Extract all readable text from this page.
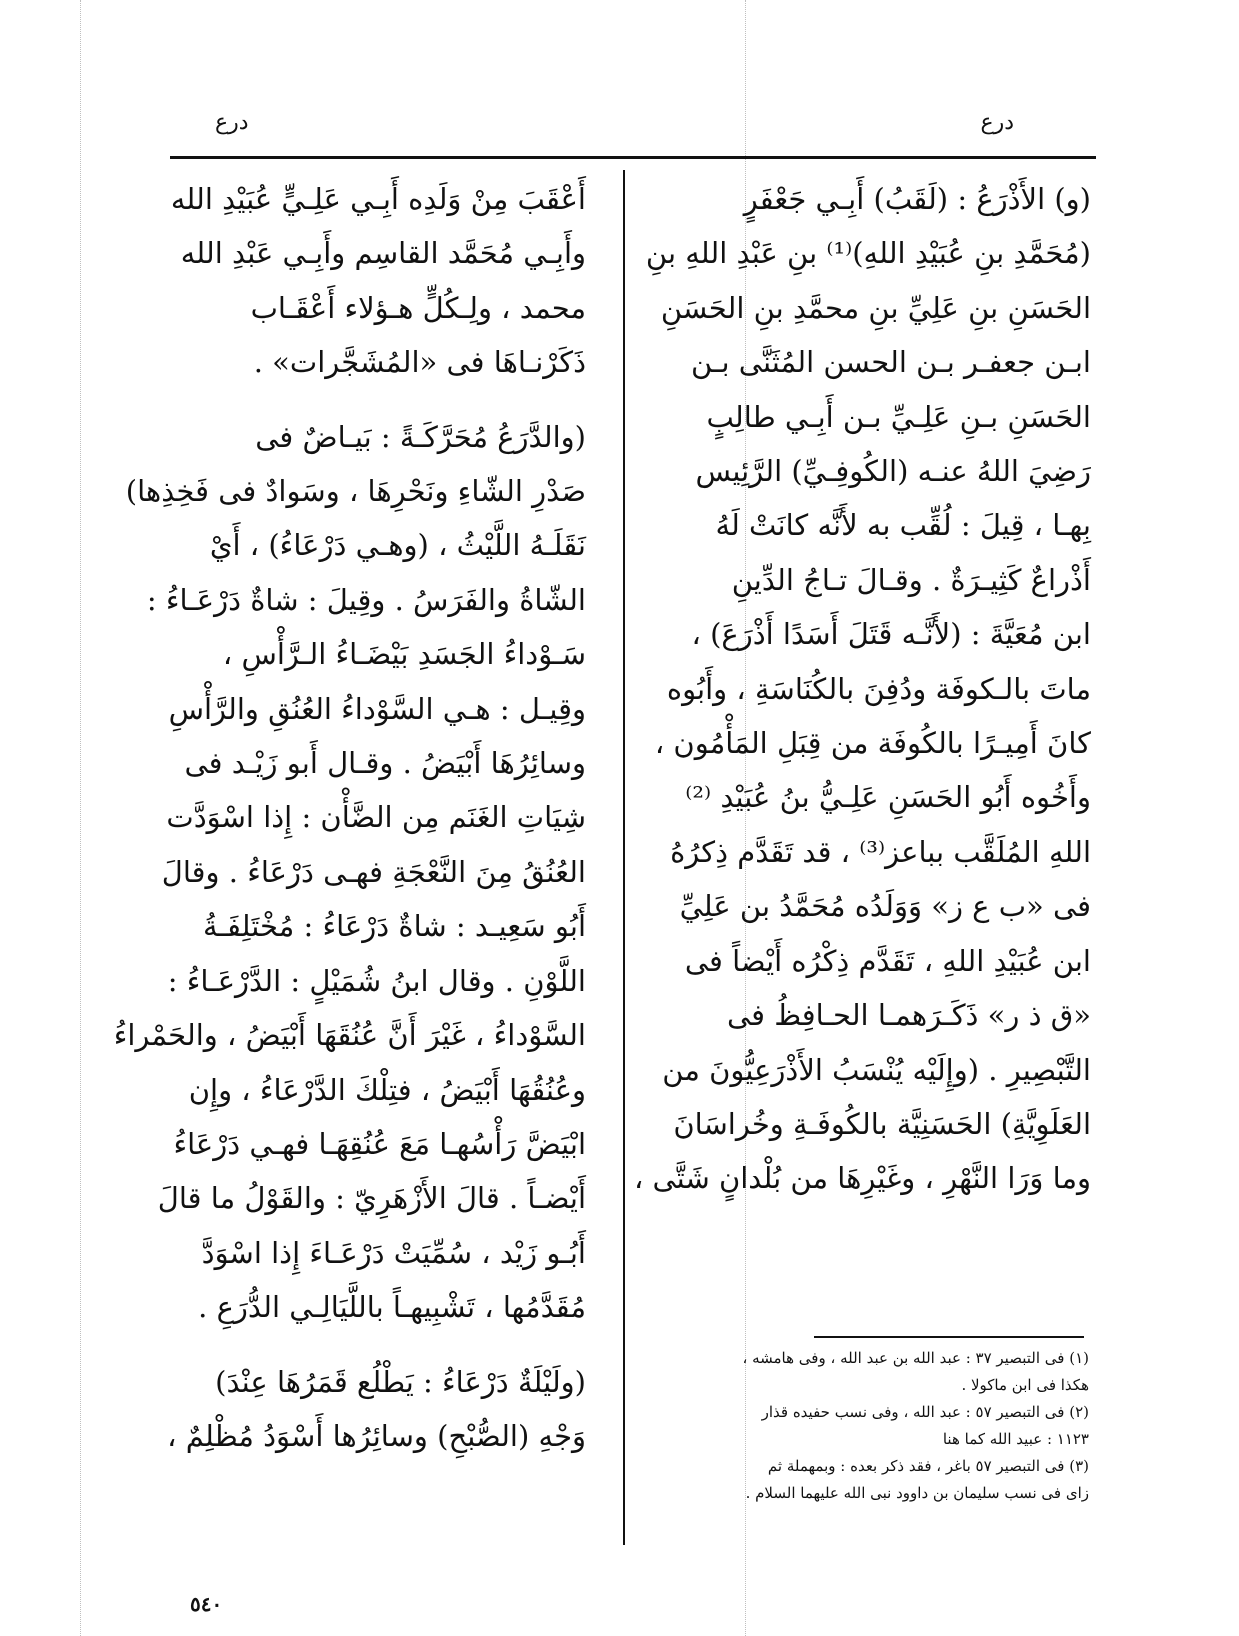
درع
درع
(و) الأَذْرَعُ : (لَقَبُ) أَبِـي جَعْفَرٍ
(مُحَمَّدِ بنِ عُبَيْدِ اللهِ)⁽¹⁾ بنِ عَبْدِ اللهِ بنِ
الحَسَنِ بنِ عَلِيِّ بنِ محمَّدِ بنِ الحَسَنِ
ابـن جعفـر بـن الحسن المُثَنَّى بـن
الحَسَنِ بـنِ عَلِـيِّ بـن أَبِـي طالِبٍ
رَضِيَ اللهُ عنـه (الكُوفِـيِّ) الرَّئِيس
بِهـا ، قِيلَ : لُقِّب به لأَنَّه كانَتْ لَهُ
أَذْراعٌ كَثِيـرَةٌ . وقـالَ تـاجُ الدِّينِ
ابن مُعَيَّةَ : (لأَنَّـه قَتَلَ أَسَدًا أَذْرَعَ) ،
ماتَ بالـكوفَة ودُفِنَ بالكُنَاسَةِ ، وأَبُوه
كانَ أَمِيـرًا بالكُوفَة من قِبَلِ المَأْمُون ،
وأَخُوه أَبُو الحَسَنِ عَلِـيُّ بنُ عُبَيْدِ ⁽²⁾
اللهِ المُلَقَّب بباعز⁽³⁾ ، قد تَقَدَّم ذِكرُهُ
فى «ب ع ز» وَوَلَدُه مُحَمَّدُ بن عَلِيِّ
ابن عُبَيْدِ اللهِ ، تَقَدَّم ذِكْرُه أَيْضاً فى
«ق ذ ر» ذَكَـرَهمـا الحـافِظُ فى
التَّبْصِيرِ . (وإِلَيْه يُنْسَبُ الأَذْرَعِيُّونَ من
العَلَوِيَّةِ) الحَسَنِيَّة بالكُوفَـةِ وخُراسَانَ
وما وَرَا النَّهْرِ ، وغَيْرِهَا من بُلْدانٍ شَتَّى ،
أَعْقَبَ مِنْ وَلَدِه أَبِـي عَلِـيٍّ عُبَيْدِ الله
وأَبِـي مُحَمَّد القاسِم وأَبِـي عَبْدِ الله
محمد ، ولِـكُلٍّ هـؤلاء أَعْقَـاب
ذَكَرْنـاهَا فى «المُشَجَّرات» .
(والدَّرَعُ مُحَرَّكَـةً : بَيـاضٌ فى
صَدْرِ الشّاءِ ونَحْرِهَا ، وسَوادٌ فى فَخِذِها)
نَقَلَـهُ اللَّيْثُ ، (وهـي دَرْعَاءُ) ، أَيْ
الشّاةُ والفَرَسُ . وقِيلَ : شاةٌ دَرْعَـاءُ :
سَـوْداءُ الجَسَدِ بَيْضَـاءُ الـرَّأْسِ ،
وقِيـل : هـي السَّوْداءُ العُنُقِ والرَّأْسِ
وسائِرُهَا أَبْيَضُ . وقـال أَبو زَيْـد فى
شِيَاتِ الغَنَم مِن الضَّأْن : إِذا اسْوَدَّت
العُنُقُ مِنَ النَّعْجَةِ فهـى دَرْعَاءُ . وقالَ
أَبُو سَعِيـد : شاةٌ دَرْعَاءُ : مُخْتَلِفَـةُ
اللَّوْنِ . وقال ابنُ شُمَيْلٍ : الدَّرْعَـاءُ :
السَّوْداءُ ، غَيْرَ أَنَّ عُنُقَهَا أَبْيَضُ ، والحَمْراءُ
وعُنُقُهَا أَبْيَضُ ، فتِلْكَ الدَّرْعَاءُ ، وإِن
ابْيَضَّ رَأْسُهـا مَعَ عُنُقِهَـا فهـي دَرْعَاءُ
أَيْضـاً . قالَ الأَزْهَرِيّ : والقَوْلُ ما قالَ
أَبُـو زَيْد ، سُمِّيَتْ دَرْعَـاءَ إِذا اسْوَدَّ
مُقَدَّمُها ، تَشْبِيهـاً باللَّيَالِـي الدُّرَعِ .
(ولَيْلَةٌ دَرْعَاءُ : يَطْلُع قَمَرُهَا عِنْدَ)
وَجْهِ (الصُّبْحِ) وسائِرُها أَسْوَدُ مُظْلِمٌ ،
(١) فى التبصير ٣٧ : عبد الله بن عبد الله ، وفى هامشه ،
هكذا فى ابن ماكولا .
(٢) فى التبصير ٥٧ : عبد الله ، وفى نسب حفيده قذار
١١٢٣ : عبيد الله كما هنا
(٣) فى التبصير ٥٧ باغر ، فقد ذكر بعده : وبمهملة ثم
زاى فى نسب سليمان بن داوود نبى الله عليهما السلام .
٥٤٠
